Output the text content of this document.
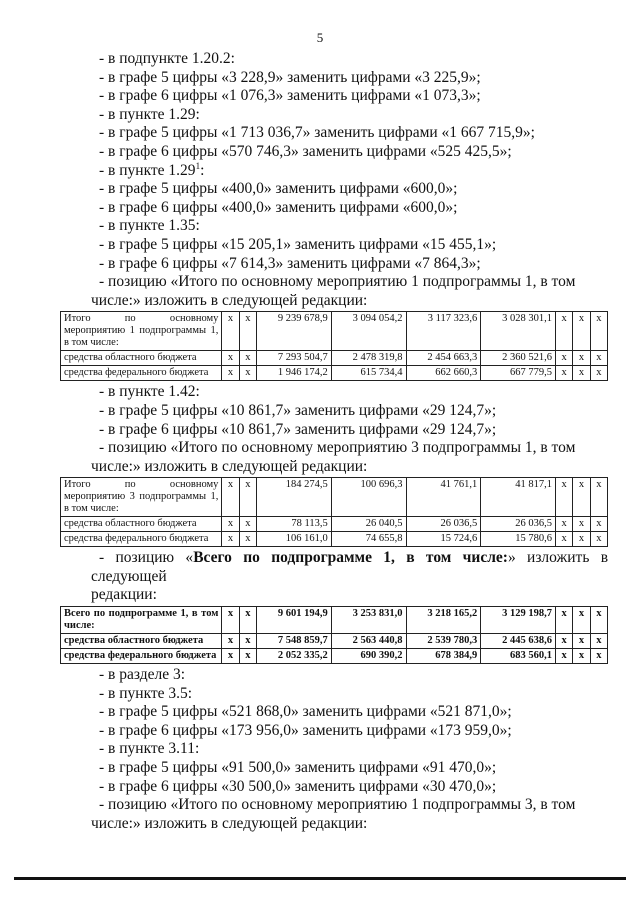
5
- в подпункте 1.20.2:
- в графе 5 цифры «3 228,9» заменить цифрами «3 225,9»;
- в графе 6 цифры «1 076,3» заменить цифрами «1 073,3»;
- в пункте 1.29:
- в графе 5 цифры «1 713 036,7» заменить цифрами «1 667 715,9»;
- в графе 6 цифры «570 746,3» заменить цифрами «525 425,5»;
- в пункте 1.29$^1$:
- в графе 5 цифры «400,0» заменить цифрами «600,0»;
- в графе 6 цифры «400,0» заменить цифрами «600,0»;
- в пункте 1.35:
- в графе 5 цифры «15 205,1» заменить цифрами «15 455,1»;
- в графе 6 цифры «7 614,3» заменить цифрами «7 864,3»;
- позицию «Итого по основному мероприятию 1 подпрограммы 1, в том
числе:» изложить в следующей редакции:
Итого по основному мероприятию 1 подпрограммы 1, в том числе:	x	x	9 239 678,9	3 094 054,2	3 117 323,6	3 028 301,1	x	x	x
средства областного бюджета	x	x	7 293 504,7	2 478 319,8	2 454 663,3	2 360 521,6	x	x	x
средства федерального бюджета	x	x	1 946 174,2	615 734,4	662 660,3	667 779,5	x	x	x
- в пункте 1.42:
- в графе 5 цифры «10 861,7» заменить цифрами «29 124,7»;
- в графе 6 цифры «10 861,7» заменить цифрами «29 124,7»;
- позицию «Итого по основному мероприятию 3 подпрограммы 1, в том
числе:» изложить в следующей редакции:
Итого по основному мероприятию 3 подпрограммы 1, в том числе:	x	x	184 274,5	100 696,3	41 761,1	41 817,1	x	x	x
средства областного бюджета	x	x	78 113,5	26 040,5	26 036,5	26 036,5	x	x	x
средства федерального бюджета	x	x	106 161,0	74 655,8	15 724,6	15 780,6	x	x	x
- позицию «Всего по подпрограмме 1, в том числе:» изложить в следующей
редакции:
Всего по подпрограмме 1, в том числе:	x	x	9 601 194,9	3 253 831,0	3 218 165,2	3 129 198,7	x	x	x
средства областного бюджета	x	x	7 548 859,7	2 563 440,8	2 539 780,3	2 445 638,6	x	x	x
средства федерального бюджета	x	x	2 052 335,2	690 390,2	678 384,9	683 560,1	x	x	x
- в разделе 3:
- в пункте 3.5:
- в графе 5 цифры «521 868,0» заменить цифрами «521 871,0»;
- в графе 6 цифры «173 956,0» заменить цифрами «173 959,0»;
- в пункте 3.11:
- в графе 5 цифры «91 500,0» заменить цифрами «91 470,0»;
- в графе 6 цифры «30 500,0» заменить цифрами «30 470,0»;
- позицию «Итого по основному мероприятию 1 подпрограммы 3, в том
числе:» изложить в следующей редакции:
